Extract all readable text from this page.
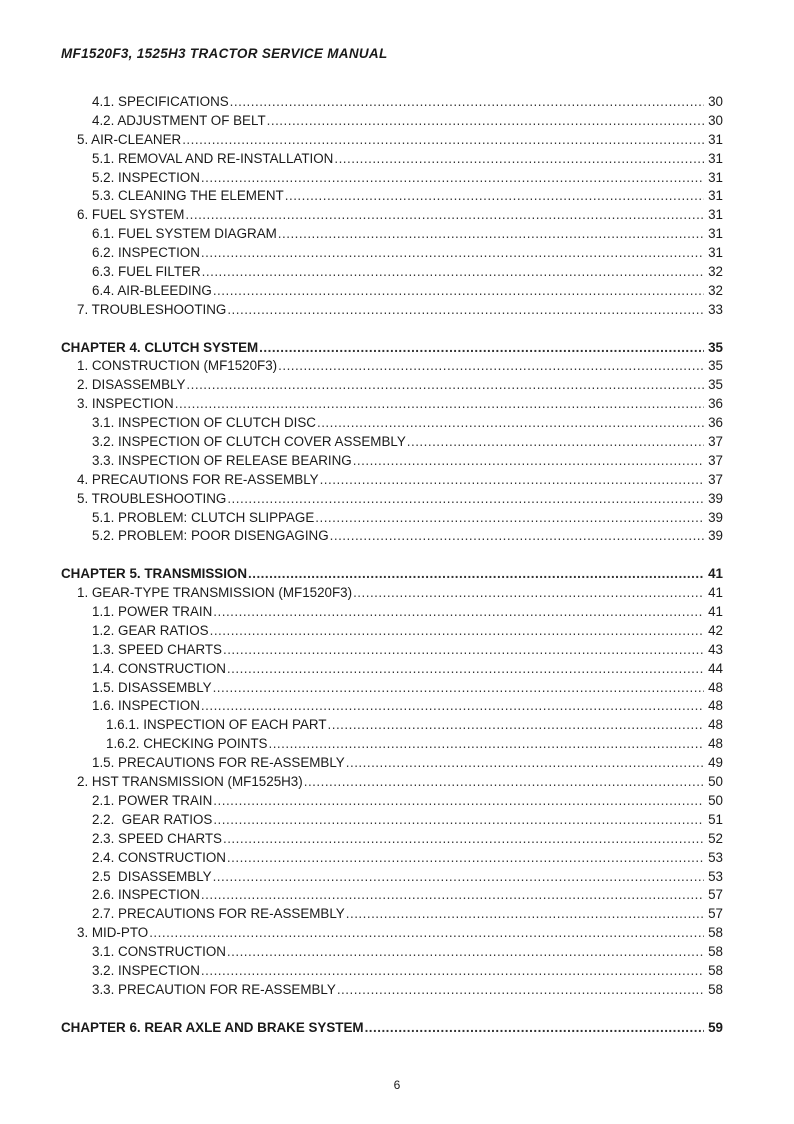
MF1520F3, 1525H3 TRACTOR SERVICE MANUAL
4.1. SPECIFICATIONS .....	30
4.2. ADJUSTMENT OF BELT .....	30
5. AIR-CLEANER .....	31
5.1. REMOVAL AND RE-INSTALLATION .....	31
5.2. INSPECTION .....	31
5.3. CLEANING THE ELEMENT .....	31
6. FUEL SYSTEM .....	31
6.1. FUEL SYSTEM DIAGRAM .....	31
6.2. INSPECTION .....	31
6.3. FUEL FILTER .....	32
6.4. AIR-BLEEDING .....	32
7. TROUBLESHOOTING .....	33
CHAPTER 4. CLUTCH SYSTEM .....	35
1. CONSTRUCTION (MF1520F3) .....	35
2. DISASSEMBLY .....	35
3. INSPECTION .....	36
3.1. INSPECTION OF CLUTCH DISC .....	36
3.2. INSPECTION OF CLUTCH COVER ASSEMBLY .....	37
3.3. INSPECTION OF RELEASE BEARING .....	37
4. PRECAUTIONS FOR RE-ASSEMBLY .....	37
5. TROUBLESHOOTING .....	39
5.1. PROBLEM: CLUTCH SLIPPAGE .....	39
5.2. PROBLEM: POOR DISENGAGING .....	39
CHAPTER 5. TRANSMISSION .....	41
1. GEAR-TYPE TRANSMISSION (MF1520F3) .....	41
1.1. POWER TRAIN .....	41
1.2. GEAR RATIOS .....	42
1.3. SPEED CHARTS .....	43
1.4. CONSTRUCTION .....	44
1.5. DISASSEMBLY .....	48
1.6. INSPECTION .....	48
1.6.1. INSPECTION OF EACH PART .....	48
1.6.2. CHECKING POINTS .....	48
1.5. PRECAUTIONS FOR RE-ASSEMBLY .....	49
2. HST TRANSMISSION (MF1525H3) .....	50
2.1. POWER TRAIN .....	50
2.2.  GEAR RATIOS .....	51
2.3. SPEED CHARTS .....	52
2.4. CONSTRUCTION .....	53
2.5  DISASSEMBLY .....	53
2.6. INSPECTION .....	57
2.7. PRECAUTIONS FOR RE-ASSEMBLY .....	57
3. MID-PTO .....	58
3.1. CONSTRUCTION .....	58
3.2. INSPECTION .....	58
3.3. PRECAUTION FOR RE-ASSEMBLY .....	58
CHAPTER 6. REAR AXLE AND BRAKE SYSTEM .....	59
6
